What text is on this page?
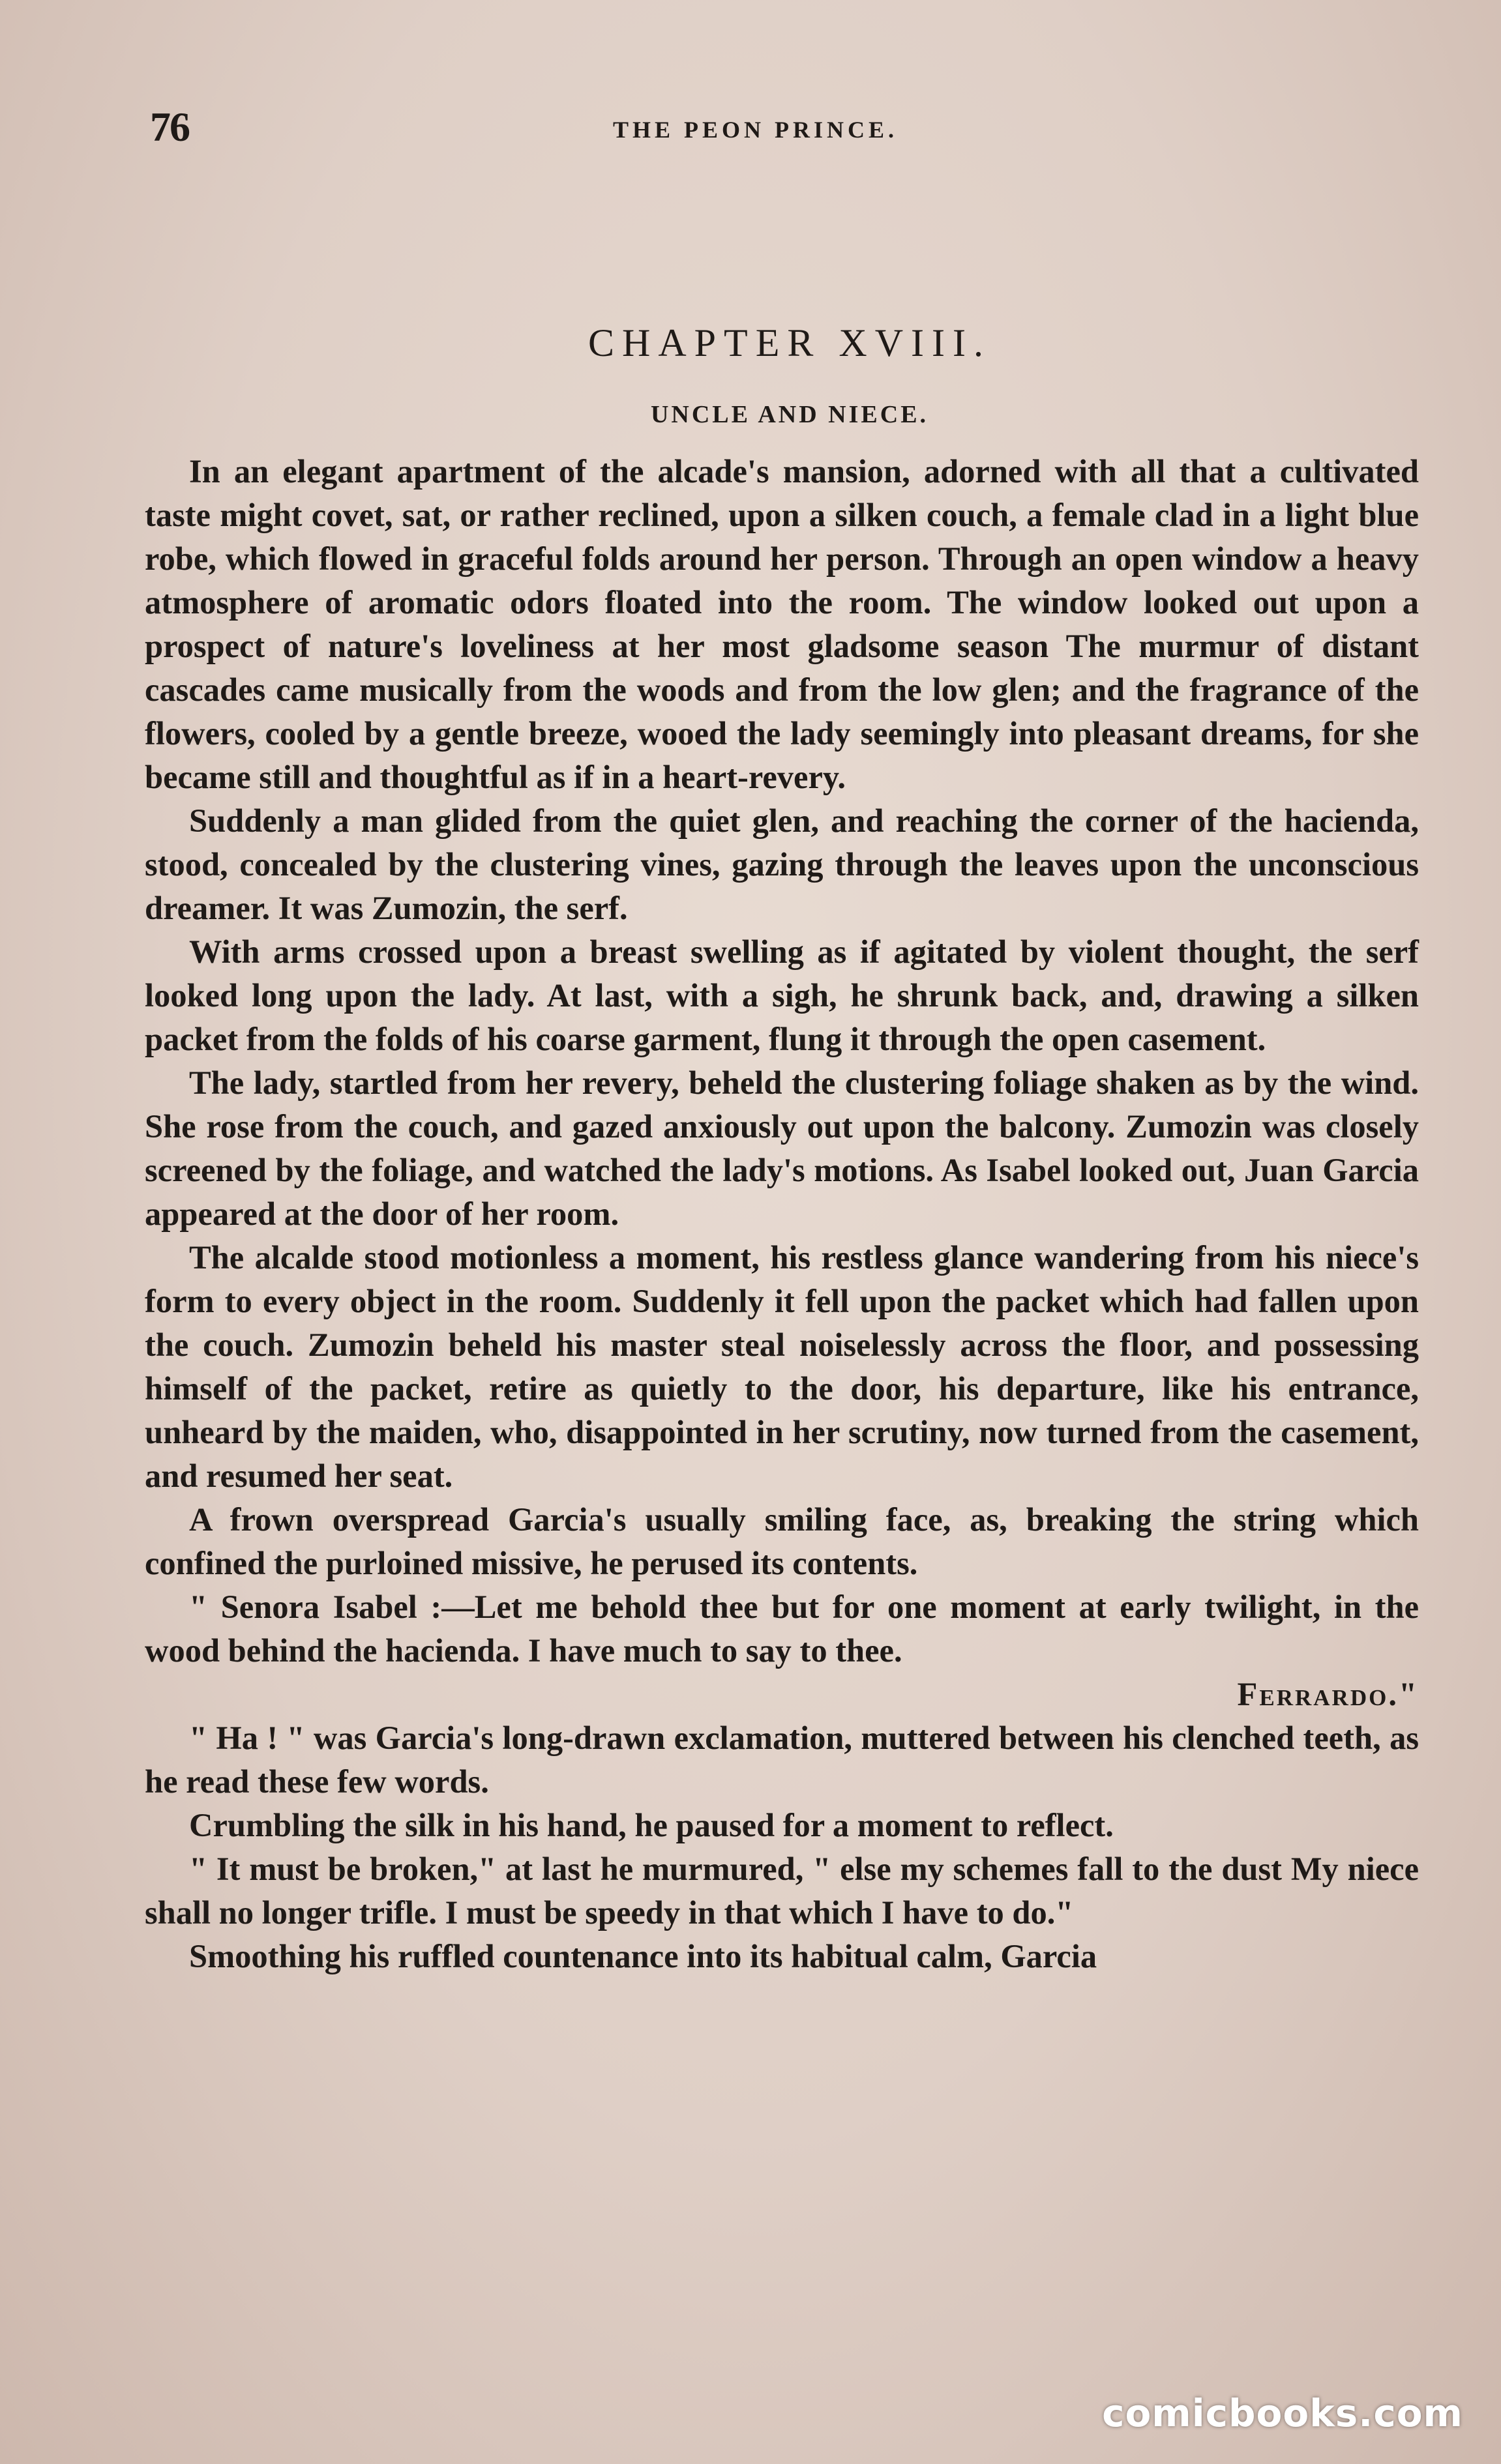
76	THE PEON PRINCE.
CHAPTER XVIII.
UNCLE AND NIECE.

In an elegant apartment of the alcade's mansion, adorned with all that a cultivated taste might covet, sat, or rather reclined, upon a silken couch, a female clad in a light blue robe, which flowed in graceful folds around her person. Through an open window a heavy atmosphere of aromatic odors floated into the room. The window looked out upon a prospect of nature's loveliness at her most gladsome season The murmur of distant cascades came musically from the woods and from the low glen; and the fragrance of the flowers, cooled by a gentle breeze, wooed the lady seemingly into pleasant dreams, for she became still and thoughtful as if in a heart-revery.

Suddenly a man glided from the quiet glen, and reaching the corner of the hacienda, stood, concealed by the clustering vines, gazing through the leaves upon the unconscious dreamer. It was Zumozin, the serf.

With arms crossed upon a breast swelling as if agitated by violent thought, the serf looked long upon the lady. At last, with a sigh, he shrunk back, and, drawing a silken packet from the folds of his coarse garment, flung it through the open casement.

The lady, startled from her revery, beheld the clustering foliage shaken as by the wind. She rose from the couch, and gazed anxiously out upon the balcony. Zumozin was closely screened by the foliage, and watched the lady's motions. As Isabel looked out, Juan Garcia appeared at the door of her room.

The alcalde stood motionless a moment, his restless glance wandering from his niece's form to every object in the room. Suddenly it fell upon the packet which had fallen upon the couch. Zumozin beheld his master steal noiselessly across the floor, and possessing himself of the packet, retire as quietly to the door, his departure, like his entrance, unheard by the maiden, who, disappointed in her scrutiny, now turned from the casement, and resumed her seat.

A frown overspread Garcia's usually smiling face, as, breaking the string which confined the purloined missive, he perused its contents.

" Senora Isabel :—Let me behold thee but for one moment at early twilight, in the wood behind the hacienda. I have much to say to thee.

Ferrardo."

" Ha ! " was Garcia's long-drawn exclamation, muttered between his clenched teeth, as he read these few words.

Crumbling the silk in his hand, he paused for a moment to reflect.

" It must be broken," at last he murmured, " else my schemes fall to the dust My niece shall no longer trifle. I must be speedy in that which I have to do."

Smoothing his ruffled countenance into its habitual calm, Garcia

comicbooks.com
